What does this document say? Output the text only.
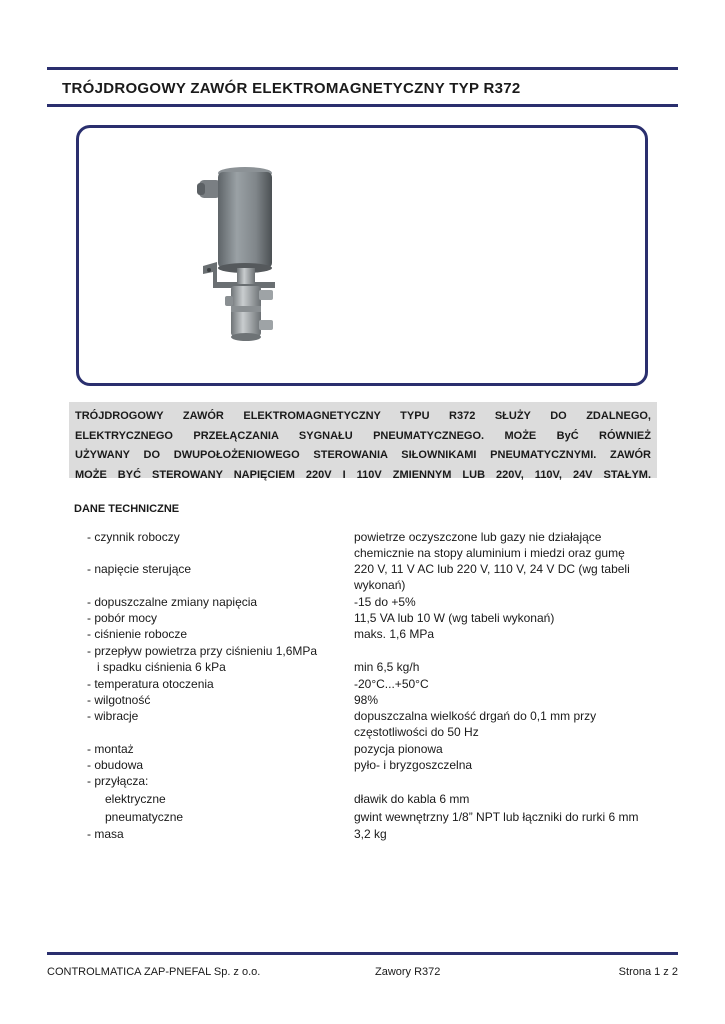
TRÓJDROGOWY ZAWÓR ELEKTROMAGNETYCZNY TYP R372
TRÓJDROGOWY ZAWÓR ELEKTROMAGNETYCZNY TYPU R372 SŁUŻY DO ZDALNEGO,
ELEKTRYCZNEGO PRZEŁĄCZANIA SYGNAŁU PNEUMATYCZNEGO. MOŻE ByĆ RÓWNIEŻ
UŻYWANY DO DWUPOŁOŻENIOWEGO STEROWANIA SIŁOWNIKAMI PNEUMATYCZNYMI. ZAWÓR
MOŻE BYĆ STEROWANY NAPIĘCIEM 220V I 110V ZMIENNYM LUB 220V, 110V, 24V STAŁYM.
DANE TECHNICZNE
- czynnik roboczy	powietrze oczyszczone lub gazy nie działające
chemicznie na stopy aluminium i miedzi oraz gumę
- napięcie sterujące	220 V, 11 V AC lub 220 V, 110 V, 24 V DC (wg tabeli
wykonań)
- dopuszczalne zmiany napięcia	-15 do +5%
- pobór mocy	11,5 VA lub 10 W (wg tabeli wykonań)
- ciśnienie robocze	maks. 1,6 MPa
- przepływ powietrza przy ciśnieniu 1,6MPa
i spadku ciśnienia 6 kPa	min 6,5 kg/h
- temperatura otoczenia	-20°C...+50°C
- wilgotność	98%
- wibracje	dopuszczalna wielkość drgań do 0,1 mm przy
częstotliwości do 50 Hz
- montaż	pozycja pionowa
- obudowa	pyło- i bryzgoszczelna
- przyłącza:
elektryczne	dławik do kabla 6 mm
pneumatyczne	gwint wewnętrzny 1/8” NPT lub łączniki do rurki 6 mm
- masa	3,2 kg
CONTROLMATICA ZAP-PNEFAL Sp. z o.o.	Zawory R372	Strona 1 z 2
